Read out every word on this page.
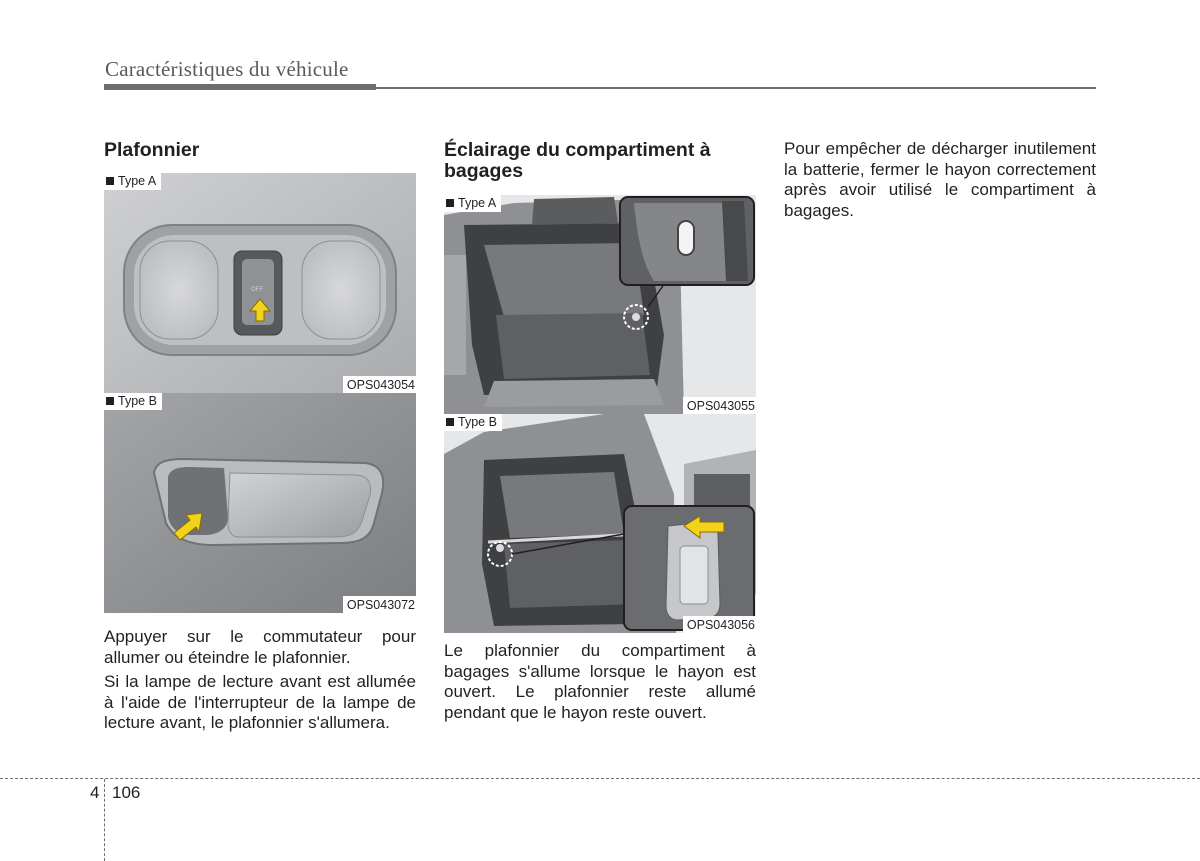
Caractéristiques du véhicule
Plafonnier
OFF
Type A
OPS043054
Type B
OPS043072

Appuyer sur le commutateur pour allumer ou éteindre le plafonnier.

Si la lampe de lecture avant est allumée à l'aide de l'interrupteur de la lampe de lecture avant, le plafonnier s'allumera.

Éclairage du compartiment à bagages
Type A
OPS043055
Type B
OPS043056

Le plafonnier du compartiment à bagages s'allume lorsque le hayon est ouvert. Le plafonnier reste allumé pendant que le hayon reste ouvert.

Pour empêcher de décharger inutilement la batterie, fermer le hayon correctement après avoir utilisé le compartiment à bagages.

4 106
